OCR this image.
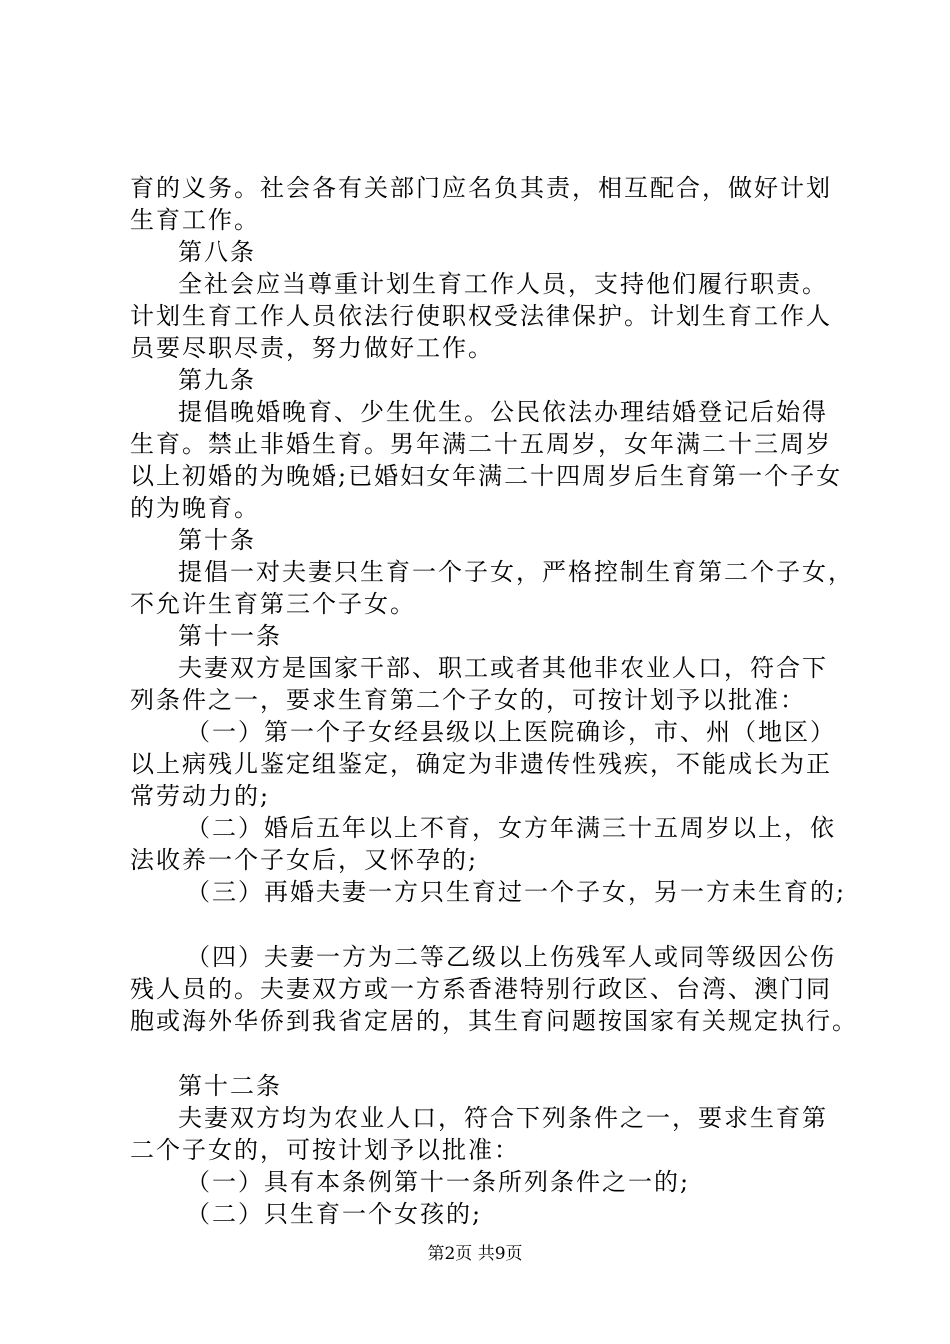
育的义务。社会各有关部门应名负其责，相互配合，做好计划

生育工作。

第八条

全社会应当尊重计划生育工作人员，支持他们履行职责。

计划生育工作人员依法行使职权受法律保护。计划生育工作人

员要尽职尽责，努力做好工作。

第九条

提倡晚婚晚育、少生优生。公民依法办理结婚登记后始得

生育。禁止非婚生育。男年满二十五周岁，女年满二十三周岁

以上初婚的为晚婚;已婚妇女年满二十四周岁后生育第一个子女

的为晚育。

第十条

提倡一对夫妻只生育一个子女，严格控制生育第二个子女，

不允许生育第三个子女。

第十一条

夫妻双方是国家干部、职工或者其他非农业人口，符合下

列条件之一，要求生育第二个子女的，可按计划予以批准：

（一）第一个子女经县级以上医院确诊，市、州（地区）

以上病残儿鉴定组鉴定，确定为非遗传性残疾，不能成长为正

常劳动力的;

（二）婚后五年以上不育，女方年满三十五周岁以上，依

法收养一个子女后，又怀孕的;

（三）再婚夫妻一方只生育过一个子女，另一方未生育的;

（四）夫妻一方为二等乙级以上伤残军人或同等级因公伤

残人员的。夫妻双方或一方系香港特别行政区、台湾、澳门同

胞或海外华侨到我省定居的，其生育问题按国家有关规定执行。

第十二条

夫妻双方均为农业人口，符合下列条件之一，要求生育第

二个子女的，可按计划予以批准：

（一）具有本条例第十一条所列条件之一的;

（二）只生育一个女孩的;

第2页 共9页
